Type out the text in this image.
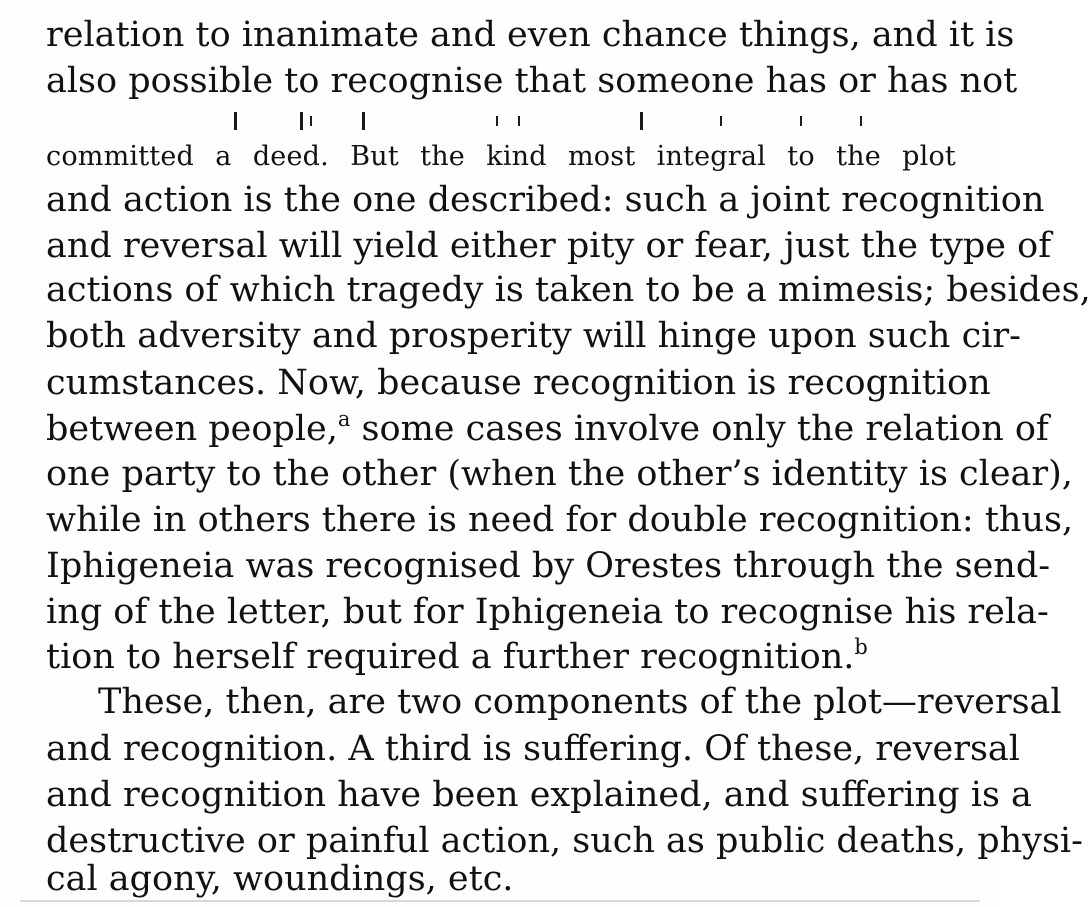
relation to inanimate and even chance things, and it is
also possible to recognise that someone has or has not
committed a deed. But the kind most integral to the plot
and action is the one described: such a joint recognition
and reversal will yield either pity or fear, just the type of
actions of which tragedy is taken to be a mimesis; besides,
both adversity and prosperity will hinge upon such cir-
cumstances. Now, because recognition is recognition
between people,$^a$ some cases involve only the relation of
one party to the other (when the other’s identity is clear),
while in others there is need for double recognition: thus,
Iphigeneia was recognised by Orestes through the send-
ing of the letter, but for Iphigeneia to recognise his rela-
tion to herself required a further recognition.$^b$
These, then, are two components of the plot—reversal
and recognition. A third is suffering. Of these, reversal
and recognition have been explained, and suffering is a
destructive or painful action, such as public deaths, physi-
cal agony, woundings, etc.
